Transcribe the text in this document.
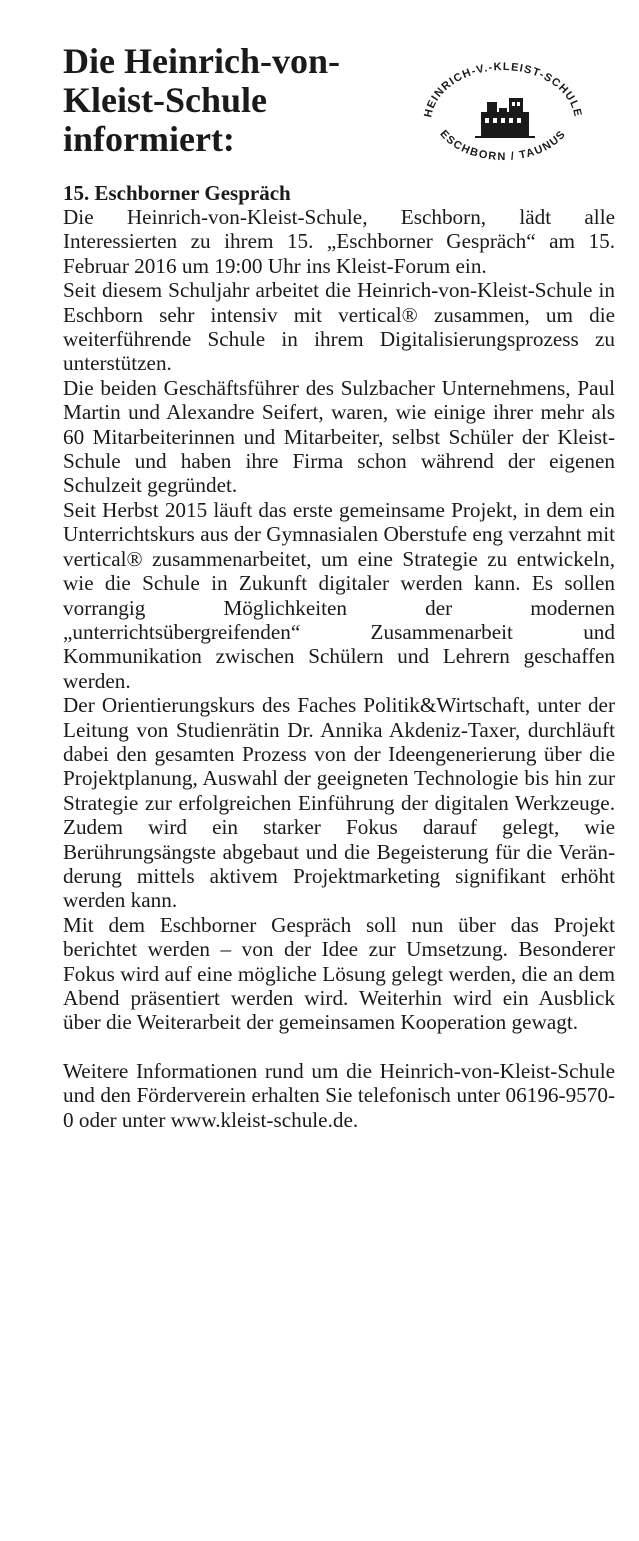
Die Heinrich-von-Kleist-Schule informiert:
HEINRICH-V.-KLEIST-SCHULE
ESCHBORN / TAUNUS
15. Eschborner Gespräch

Die Heinrich-von-Kleist-Schule, Eschborn, lädt alle Interessierten zu ihrem 15. „Eschborner Gespräch“ am 15. Februar 2016 um 19:00 Uhr ins Kleist-Forum ein.

Seit diesem Schuljahr arbeitet die Heinrich-von-Kleist-Schule in Eschborn sehr intensiv mit vertical® zusammen, um die weiterführende Schule in ihrem Digitalisierungsprozess zu unterstützen.

Die beiden Geschäftsführer des Sulzbacher Unternehmens, Paul Martin und Alexandre Seifert, waren, wie einige ihrer mehr als 60 Mitarbeiterinnen und Mitarbeiter, selbst Schüler der Kleist-Schule und haben ihre Firma schon während der eigenen Schulzeit gegründet.

Seit Herbst 2015 läuft das erste gemeinsame Projekt, in dem ein Unterrichtskurs aus der Gymnasialen Oberstufe eng verzahnt mit vertical® zusammenarbeitet, um eine Strategie zu entwickeln, wie die Schule in Zukunft digitaler werden kann. Es sollen vorrangig Möglichkeiten der modernen „unterrichtsübergreifenden“ Zusammenarbeit und Kommunikation zwischen Schülern und Lehrern geschaffen werden.

Der Orientierungskurs des Faches Politik&Wirtschaft, unter der Leitung von Studienrätin Dr. Annika Akdeniz-Taxer, durchläuft dabei den gesamten Prozess von der Ideengenerierung über die Projektplanung, Auswahl der geeigneten Technologie bis hin zur Strategie zur erfolgreichen Einführung der digitalen Werkzeuge. Zudem wird ein starker Fokus darauf gelegt, wie Berührungsängste abgebaut und die Begeisterung für die Veränderung mittels aktivem Projektmarketing signifikant erhöht werden kann.

Mit dem Eschborner Gespräch soll nun über das Projekt berichtet werden – von der Idee zur Umsetzung. Besonderer Fokus wird auf eine mögliche Lösung gelegt werden, die an dem Abend präsentiert werden wird. Weiterhin wird ein Ausblick über die Weiterarbeit der gemeinsamen Kooperation gewagt.

Weitere Informationen rund um die Heinrich-von-Kleist-Schule und den Förderverein erhalten Sie telefonisch unter 06196-9570-0 oder unter www.kleist-schule.de.
